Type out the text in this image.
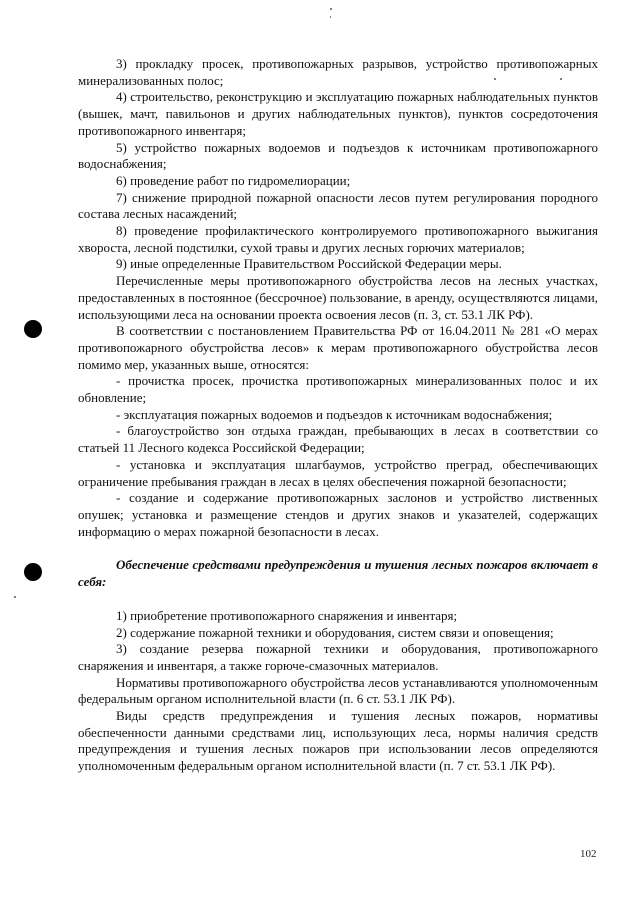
3) прокладку просек, противопожарных разрывов, устройство противопожарных минерализованных полос;

4) строительство, реконструкцию и эксплуатацию пожарных наблюдательных пунктов (вышек, мачт, павильонов и других наблюдательных пунктов), пунктов сосредоточения противопожарного инвентаря;

5) устройство пожарных водоемов и подъездов к источникам противопожарного водоснабжения;

6) проведение работ по гидромелиорации;

7) снижение природной пожарной опасности лесов путем регулирования породного состава лесных насаждений;

8) проведение профилактического контролируемого противопожарного выжигания хвороста, лесной подстилки, сухой травы и других лесных горючих материалов;

9) иные определенные Правительством Российской Федерации меры.

Перечисленные меры противопожарного обустройства лесов на лесных участках, предоставленных в постоянное (бессрочное) пользование, в аренду, осуществляются лицами, использующими леса на основании проекта освоения лесов (п. 3, ст. 53.1 ЛК РФ).

В соответствии с постановлением Правительства РФ от 16.04.2011 № 281 «О мерах противопожарного обустройства лесов» к мерам противопожарного обустройства лесов помимо мер, указанных выше, относятся:

- прочистка просек, прочистка противопожарных минерализованных полос и их обновление;

- эксплуатация пожарных водоемов и подъездов к источникам водоснабжения;

- благоустройство зон отдыха граждан, пребывающих в лесах в соответствии со статьей 11 Лесного кодекса Российской Федерации;

- установка и эксплуатация шлагбаумов, устройство преград, обеспечивающих ограничение пребывания граждан в лесах в целях обеспечения пожарной безопасности;

- создание и содержание противопожарных заслонов и устройство лиственных опушек; установка и размещение стендов и других знаков и указателей, содержащих информацию о мерах пожарной безопасности в лесах.

Обеспечение средствами предупреждения и тушения лесных пожаров включает в себя:

1) приобретение противопожарного снаряжения и инвентаря;

2) содержание пожарной техники и оборудования, систем связи и оповещения;

3) создание резерва пожарной техники и оборудования, противопожарного снаряжения и инвентаря, а также горюче-смазочных материалов.

Нормативы противопожарного обустройства лесов устанавливаются уполномоченным федеральным органом исполнительной власти (п. 6 ст. 53.1 ЛК РФ).

Виды средств предупреждения и тушения лесных пожаров, нормативы обеспеченности данными средствами лиц, использующих леса, нормы наличия средств предупреждения и тушения лесных пожаров при использовании лесов определяются уполномоченным федеральным органом исполнительной власти (п. 7 ст. 53.1 ЛК РФ).

102
